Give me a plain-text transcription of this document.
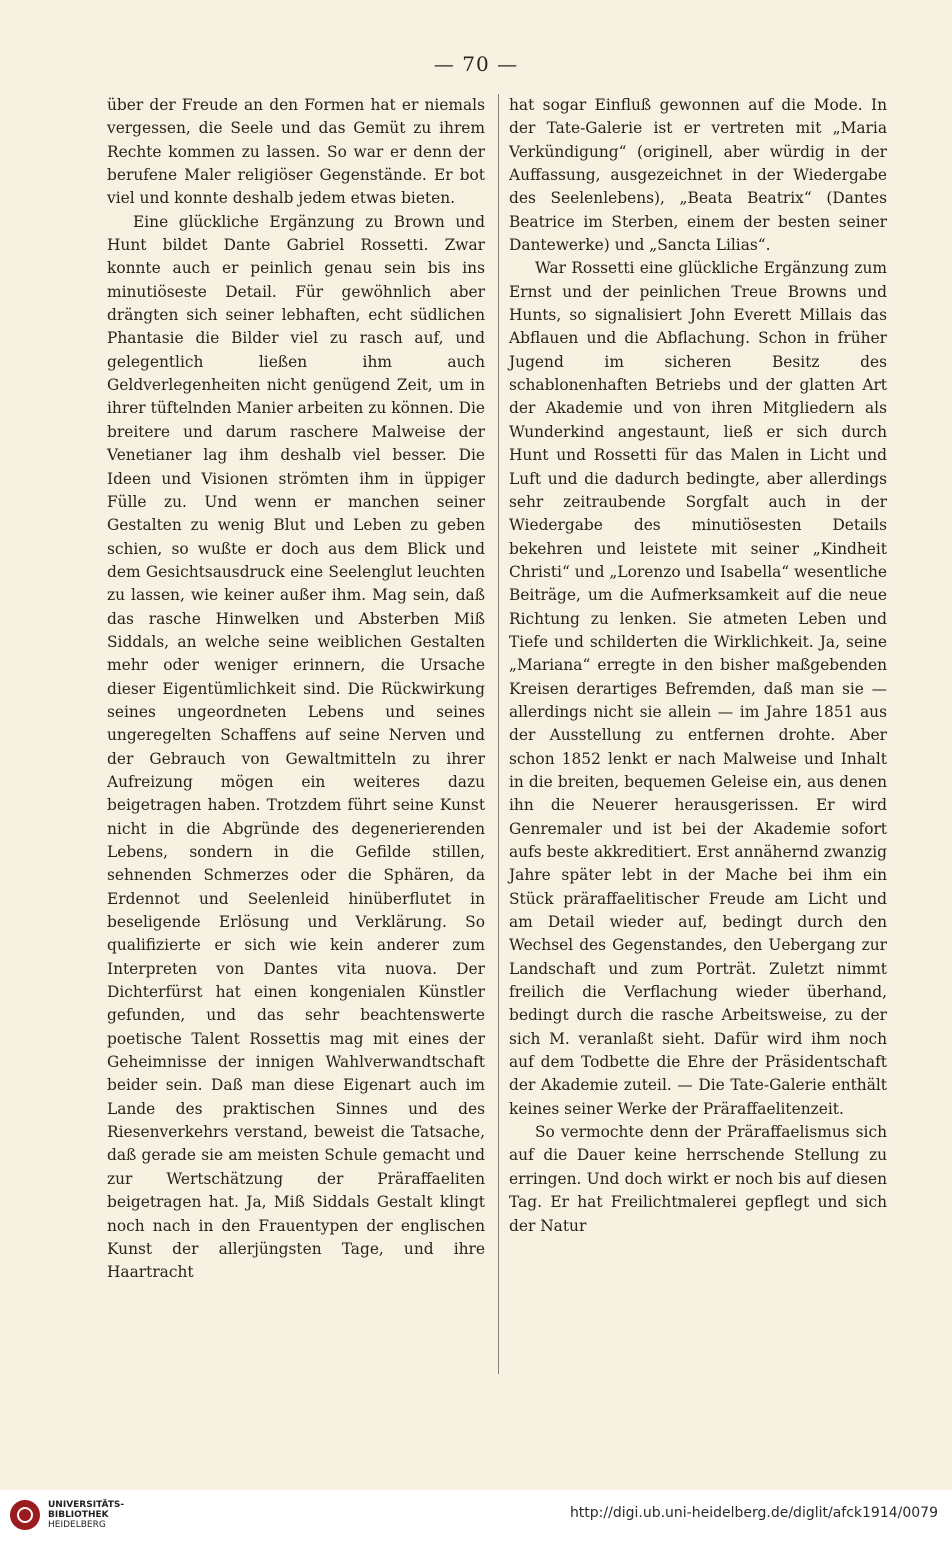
— 70 —

über der Freude an den Formen hat er niemals vergessen, die Seele und das Gemüt zu ihrem Rechte kommen zu lassen. So war er denn der berufene Maler religiöser Gegenstände. Er bot viel und konnte deshalb jedem etwas bieten.

Eine glückliche Ergänzung zu Brown und Hunt bildet Dante Gabriel Rossetti. Zwar konnte auch er peinlich genau sein bis ins minutiöseste Detail. Für gewöhnlich aber drängten sich seiner lebhaften, echt südlichen Phantasie die Bilder viel zu rasch auf, und gelegentlich ließen ihm auch Geldverlegenheiten nicht genügend Zeit, um in ihrer tüftelnden Manier arbeiten zu können. Die breitere und darum raschere Malweise der Venetianer lag ihm deshalb viel besser. Die Ideen und Visionen strömten ihm in üppiger Fülle zu. Und wenn er manchen seiner Gestalten zu wenig Blut und Leben zu geben schien, so wußte er doch aus dem Blick und dem Gesichtsausdruck eine Seelenglut leuchten zu lassen, wie keiner außer ihm. Mag sein, daß das rasche Hinwelken und Absterben Miß Siddals, an welche seine weiblichen Gestalten mehr oder weniger erinnern, die Ursache dieser Eigentümlichkeit sind. Die Rückwirkung seines ungeordneten Lebens und seines ungeregelten Schaffens auf seine Nerven und der Gebrauch von Gewaltmitteln zu ihrer Aufreizung mögen ein weiteres dazu beigetragen haben. Trotzdem führt seine Kunst nicht in die Abgründe des degenerierenden Lebens, sondern in die Gefilde stillen, sehnenden Schmerzes oder die Sphären, da Erdennot und Seelenleid hinüberflutet in beseligende Erlösung und Verklärung. So qualifizierte er sich wie kein anderer zum Interpreten von Dantes vita nuova. Der Dichterfürst hat einen kongenialen Künstler gefunden, und das sehr beachtenswerte poetische Talent Rossettis mag mit eines der Geheimnisse der innigen Wahlverwandtschaft beider sein. Daß man diese Eigenart auch im Lande des praktischen Sinnes und des Riesenverkehrs verstand, beweist die Tatsache, daß gerade sie am meisten Schule gemacht und zur Wertschätzung der Präraffaeliten beigetragen hat. Ja, Miß Siddals Gestalt klingt noch nach in den Frauentypen der englischen Kunst der allerjüngsten Tage, und ihre Haartracht

hat sogar Einfluß gewonnen auf die Mode. In der Tate-Galerie ist er vertreten mit „Maria Verkündigung“ (originell, aber würdig in der Auffassung, ausgezeichnet in der Wiedergabe des Seelenlebens), „Beata Beatrix“ (Dantes Beatrice im Sterben, einem der besten seiner Dantewerke) und „Sancta Lilias“.

War Rossetti eine glückliche Ergänzung zum Ernst und der peinlichen Treue Browns und Hunts, so signalisiert John Everett Millais das Abflauen und die Abflachung. Schon in früher Jugend im sicheren Besitz des schablonenhaften Betriebs und der glatten Art der Akademie und von ihren Mitgliedern als Wunderkind angestaunt, ließ er sich durch Hunt und Rossetti für das Malen in Licht und Luft und die dadurch bedingte, aber allerdings sehr zeitraubende Sorgfalt auch in der Wiedergabe des minutiösesten Details bekehren und leistete mit seiner „Kindheit Christi“ und „Lorenzo und Isabella“ wesentliche Beiträge, um die Aufmerksamkeit auf die neue Richtung zu lenken. Sie atmeten Leben und Tiefe und schilderten die Wirklichkeit. Ja, seine „Mariana“ erregte in den bisher maßgebenden Kreisen derartiges Befremden, daß man sie — allerdings nicht sie allein — im Jahre 1851 aus der Ausstellung zu entfernen drohte. Aber schon 1852 lenkt er nach Malweise und Inhalt in die breiten, bequemen Geleise ein, aus denen ihn die Neuerer herausgerissen. Er wird Genremaler und ist bei der Akademie sofort aufs beste akkreditiert. Erst annähernd zwanzig Jahre später lebt in der Mache bei ihm ein Stück präraffaelitischer Freude am Licht und am Detail wieder auf, bedingt durch den Wechsel des Gegenstandes, den Uebergang zur Landschaft und zum Porträt. Zuletzt nimmt freilich die Verflachung wieder überhand, bedingt durch die rasche Arbeitsweise, zu der sich M. veranlaßt sieht. Dafür wird ihm noch auf dem Todbette die Ehre der Präsidentschaft der Akademie zuteil. — Die Tate-Galerie enthält keines seiner Werke der Präraffaelitenzeit.

So vermochte denn der Präraffaelismus sich auf die Dauer keine herrschende Stellung zu erringen. Und doch wirkt er noch bis auf diesen Tag. Er hat Freilichtmalerei gepflegt und sich der Natur

UNIVERSITÄTS-
BIBLIOTHEK
HEIDELBERG
http://digi.ub.uni-heidelberg.de/diglit/afck1914/0079
